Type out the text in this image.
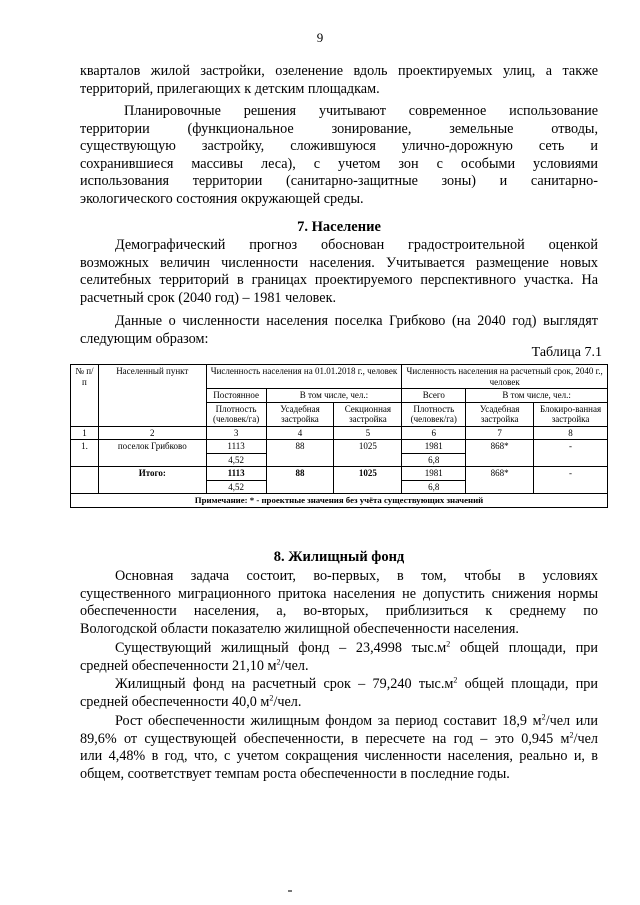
9
кварталов жилой застройки, озеленение вдоль проектируемых улиц, а также
территорий, прилегающих к детским площадкам.
Планировочные решения учитывают современное использование
территории (функциональное зонирование, земельные отводы,
существующую застройку, сложившуюся улично-дорожную сеть и
сохранившиеся массивы леса), с учетом зон с особыми условиями
использования территории (санитарно-защитные зоны) и санитарно-
экологического состояния окружающей среды.
7. Население
Демографический прогноз обоснован градостроительной оценкой
возможных величин численности населения. Учитывается размещение новых
селитебных территорий в границах проектируемого перспективного участка. На
расчетный срок (2040 год) – 1981 человек.
Данные о численности населения поселка Грибково (на 2040 год) выглядят
следующим образом:
Таблица 7.1
№ п/п	Населенный пункт	Численность населения на 01.01.2018 г., человек			Численность населения на расчетный срок, 2040 г., человек		
		Постоянное	В том числе, чел.:		Всего	В том числе, чел.:	
		Плотность (человек/га)	Усадебная застройка	Секционная застройка	Плотность (человек/га)	Усадебная застройка	Блокиро-ванная застройка
1	2	3	4	5	6	7	8
1.	поселок Грибково	1113	88	1025	1981	868*	-
		4,52			6,8		
	Итого:	1113	88	1025	1981	868*	-
		4,52			6,8		
Примечание: * - проектные значения без учёта существующих значений							
8. Жилищный фонд
Основная задача состоит, во-первых, в том, чтобы в условиях
существенного миграционного притока населения не допустить снижения нормы
обеспеченности населения, а, во-вторых, приблизиться к среднему по
Вологодской области показателю жилищной обеспеченности населения.
Существующий жилищный фонд – 23,4998 $тыс.м^2$ общей площади, при
средней обеспеченности 21,10 $м^2$/чел.
Жилищный фонд на расчетный срок – 79,240 $тыс.м^2$ общей площади, при
средней обеспеченности 40,0 $м^2$/чел.
Рост обеспеченности жилищным фондом за период составит 18,9 $м^2$/чел или
89,6% от существующей обеспеченности, в пересчете на год – это 0,945 $м^2$/чел
или 4,48% в год, что, с учетом сокращения численности населения, реально и, в
общем, соответствует темпам роста обеспеченности в последние годы.
